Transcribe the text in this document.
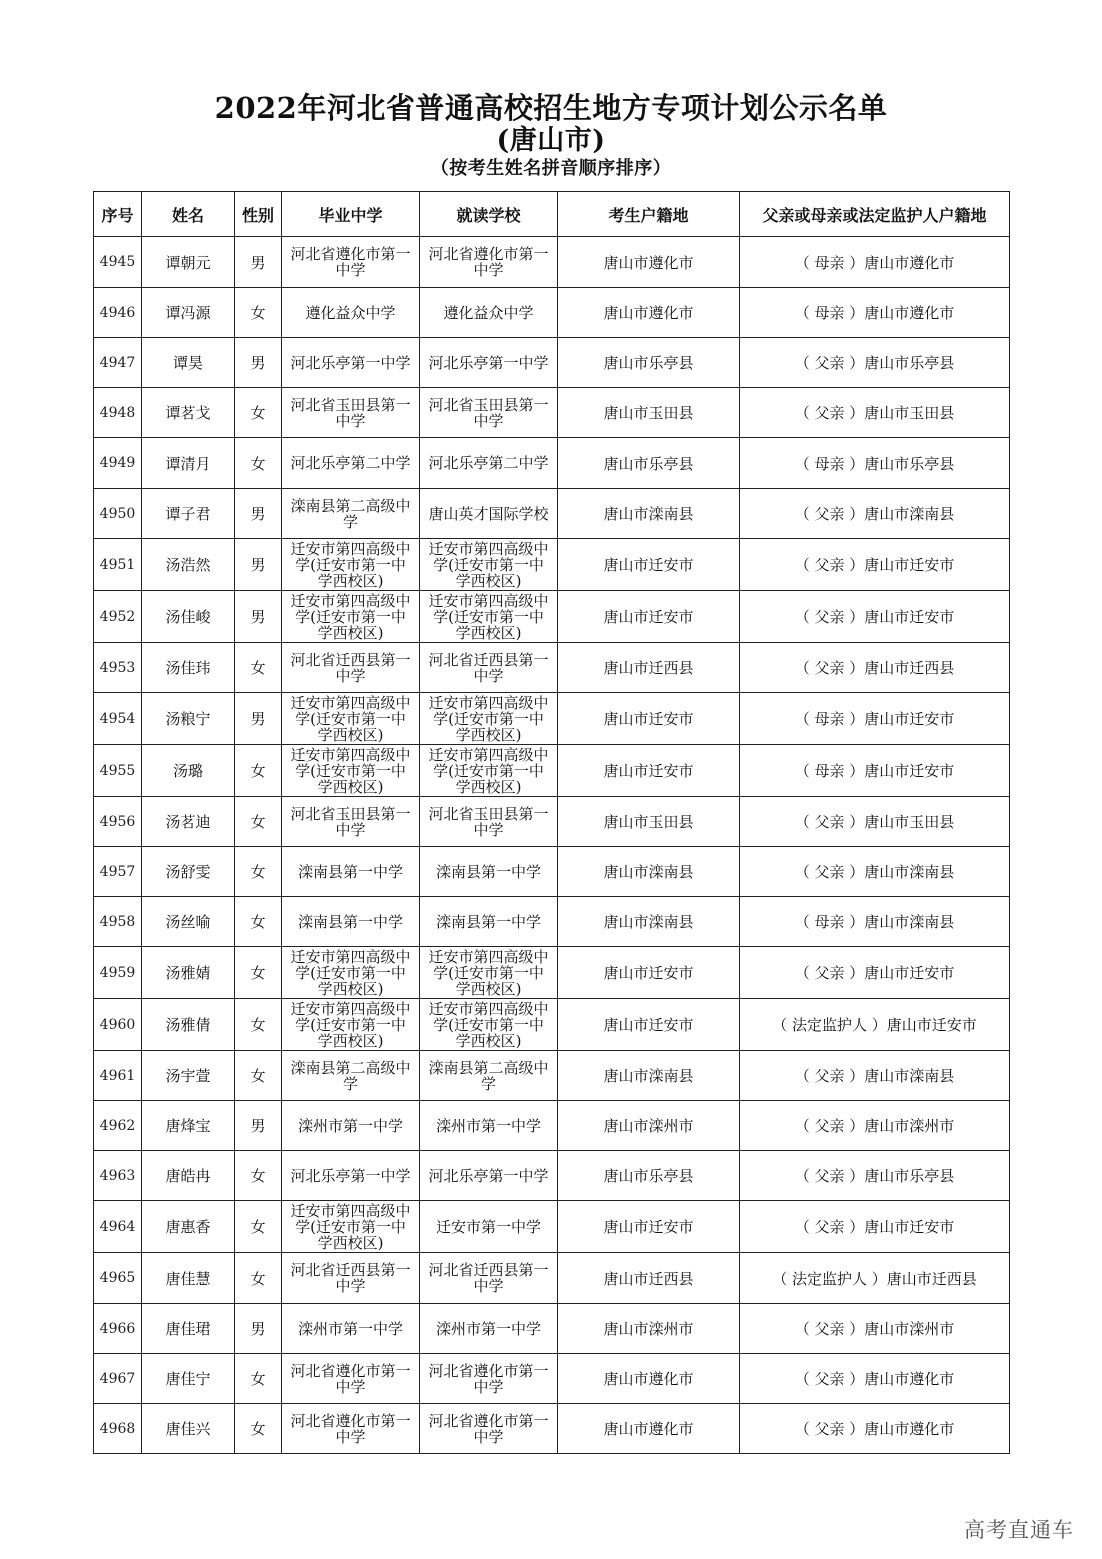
2022年河北省普通高校招生地方专项计划公示名单
(唐山市)
（按考生姓名拼音顺序排序）
序号	姓名	性别	毕业中学	就读学校	考生户籍地	父亲或母亲或法定监护人户籍地
4945	谭朝元	男	河北省遵化市第一中学	河北省遵化市第一中学	唐山市遵化市	（ 母亲 ）唐山市遵化市
4946	谭冯源	女	遵化益众中学	遵化益众中学	唐山市遵化市	（ 母亲 ）唐山市遵化市
4947	谭昊	男	河北乐亭第一中学	河北乐亭第一中学	唐山市乐亭县	（ 父亲 ）唐山市乐亭县
4948	谭茗戈	女	河北省玉田县第一中学	河北省玉田县第一中学	唐山市玉田县	（ 父亲 ）唐山市玉田县
4949	谭清月	女	河北乐亭第二中学	河北乐亭第二中学	唐山市乐亭县	（ 母亲 ）唐山市乐亭县
4950	谭子君	男	滦南县第二高级中学	唐山英才国际学校	唐山市滦南县	（ 父亲 ）唐山市滦南县
4951	汤浩然	男	迁安市第四高级中学(迁安市第一中学西校区)	迁安市第四高级中学(迁安市第一中学西校区)	唐山市迁安市	（ 父亲 ）唐山市迁安市
4952	汤佳峻	男	迁安市第四高级中学(迁安市第一中学西校区)	迁安市第四高级中学(迁安市第一中学西校区)	唐山市迁安市	（ 父亲 ）唐山市迁安市
4953	汤佳玮	女	河北省迁西县第一中学	河北省迁西县第一中学	唐山市迁西县	（ 父亲 ）唐山市迁西县
4954	汤粮宁	男	迁安市第四高级中学(迁安市第一中学西校区)	迁安市第四高级中学(迁安市第一中学西校区)	唐山市迁安市	（ 母亲 ）唐山市迁安市
4955	汤璐	女	迁安市第四高级中学(迁安市第一中学西校区)	迁安市第四高级中学(迁安市第一中学西校区)	唐山市迁安市	（ 母亲 ）唐山市迁安市
4956	汤茗迪	女	河北省玉田县第一中学	河北省玉田县第一中学	唐山市玉田县	（ 父亲 ）唐山市玉田县
4957	汤舒雯	女	滦南县第一中学	滦南县第一中学	唐山市滦南县	（ 父亲 ）唐山市滦南县
4958	汤丝喻	女	滦南县第一中学	滦南县第一中学	唐山市滦南县	（ 母亲 ）唐山市滦南县
4959	汤雅婧	女	迁安市第四高级中学(迁安市第一中学西校区)	迁安市第四高级中学(迁安市第一中学西校区)	唐山市迁安市	（ 父亲 ）唐山市迁安市
4960	汤雅倩	女	迁安市第四高级中学(迁安市第一中学西校区)	迁安市第四高级中学(迁安市第一中学西校区)	唐山市迁安市	（ 法定监护人 ）唐山市迁安市
4961	汤宇萱	女	滦南县第二高级中学	滦南县第二高级中学	唐山市滦南县	（ 父亲 ）唐山市滦南县
4962	唐烽宝	男	滦州市第一中学	滦州市第一中学	唐山市滦州市	（ 父亲 ）唐山市滦州市
4963	唐皓冉	女	河北乐亭第一中学	河北乐亭第一中学	唐山市乐亭县	（ 父亲 ）唐山市乐亭县
4964	唐惠香	女	迁安市第四高级中学(迁安市第一中学西校区)	迁安市第一中学	唐山市迁安市	（ 父亲 ）唐山市迁安市
4965	唐佳慧	女	河北省迁西县第一中学	河北省迁西县第一中学	唐山市迁西县	（ 法定监护人 ）唐山市迁西县
4966	唐佳珺	男	滦州市第一中学	滦州市第一中学	唐山市滦州市	（ 父亲 ）唐山市滦州市
4967	唐佳宁	女	河北省遵化市第一中学	河北省遵化市第一中学	唐山市遵化市	（ 父亲 ）唐山市遵化市
4968	唐佳兴	女	河北省遵化市第一中学	河北省遵化市第一中学	唐山市遵化市	（ 父亲 ）唐山市遵化市
高考直通车
